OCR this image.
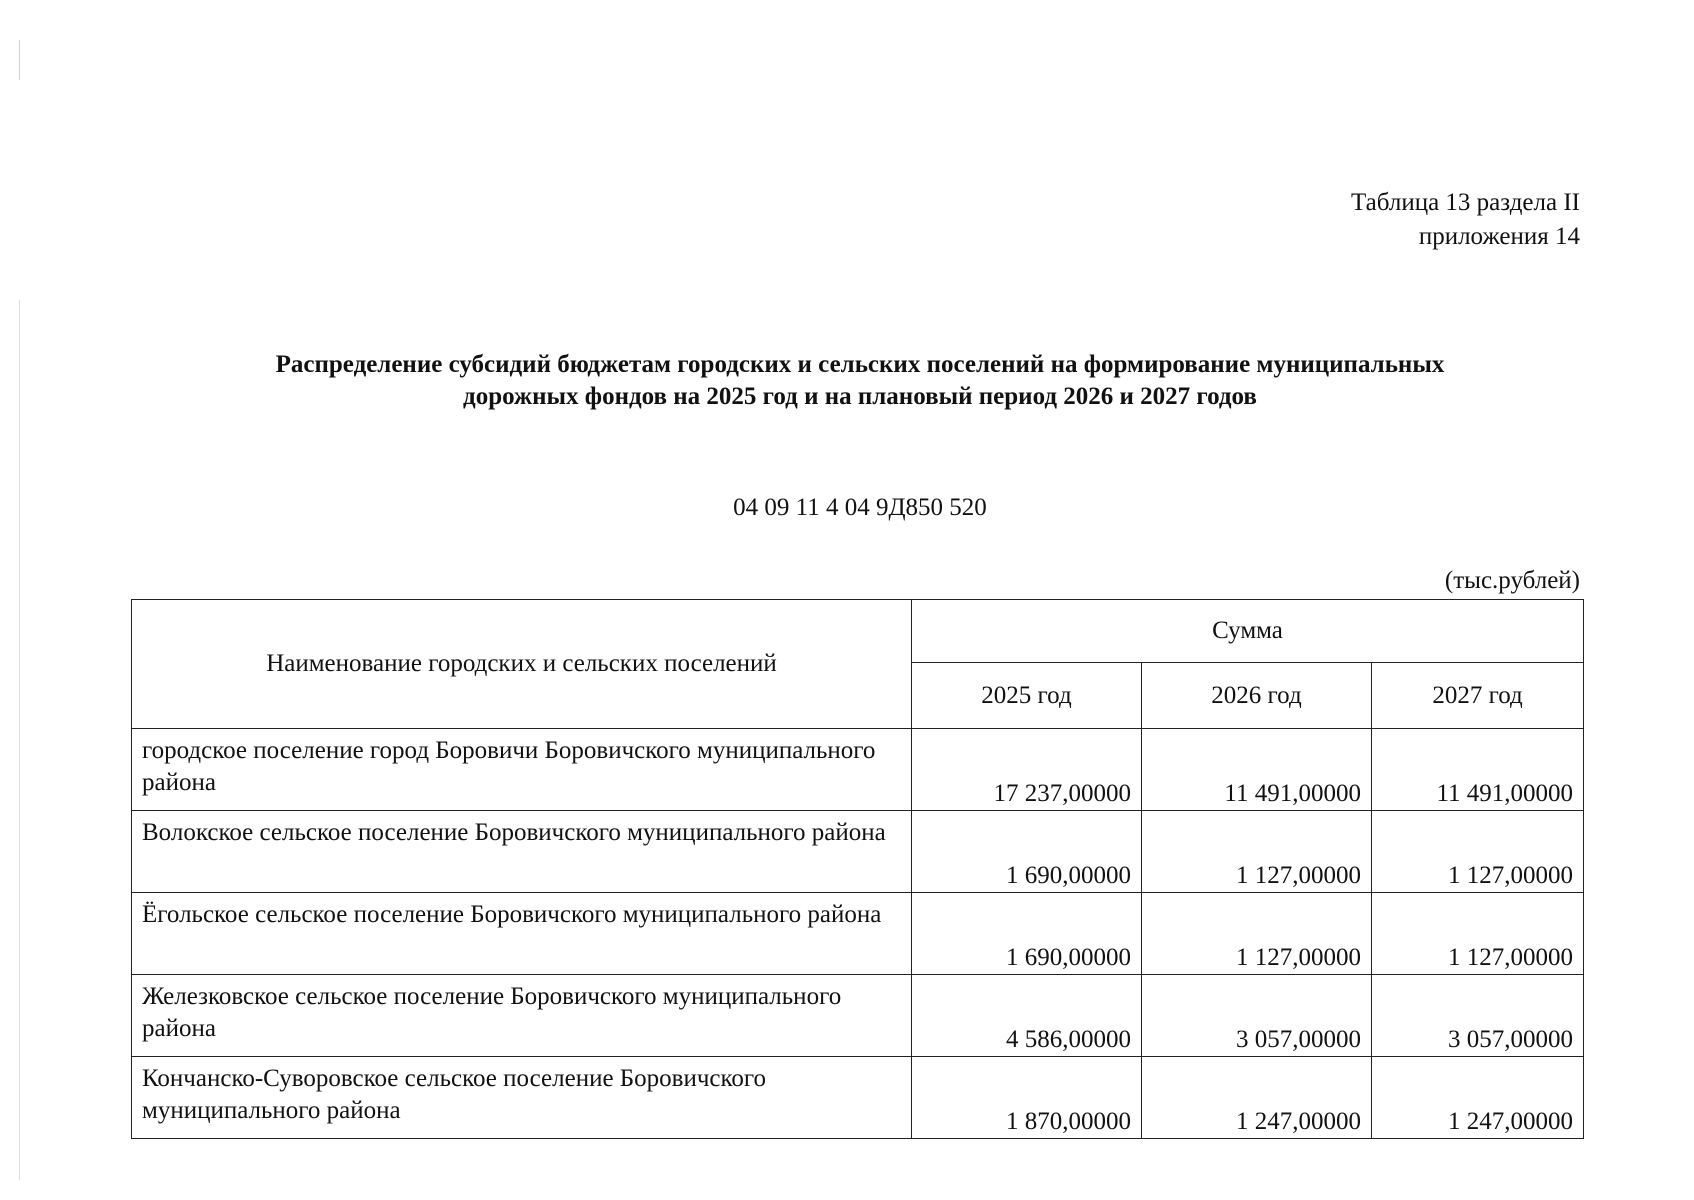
Таблица 13 раздела II
приложения 14
Распределение субсидий бюджетам городских и сельских поселений на формирование муниципальных
дорожных фондов на 2025 год и на плановый период 2026 и 2027 годов
04 09 11 4 04 9Д850 520
(тыс.рублей)
Наименование городских и сельских поселений	Сумма		
	2025 год	2026 год	2027 год
городское поселение город Боровичи Боровичского муниципального района	17 237,00000	11 491,00000	11 491,00000
Волокское сельское поселение Боровичского муниципального района	1 690,00000	1 127,00000	1 127,00000
Ёгольское сельское поселение Боровичского муниципального района	1 690,00000	1 127,00000	1 127,00000
Железковское сельское поселение Боровичского муниципального района	4 586,00000	3 057,00000	3 057,00000
Кончанско-Суворовское сельское поселение Боровичского муниципального района	1 870,00000	1 247,00000	1 247,00000
